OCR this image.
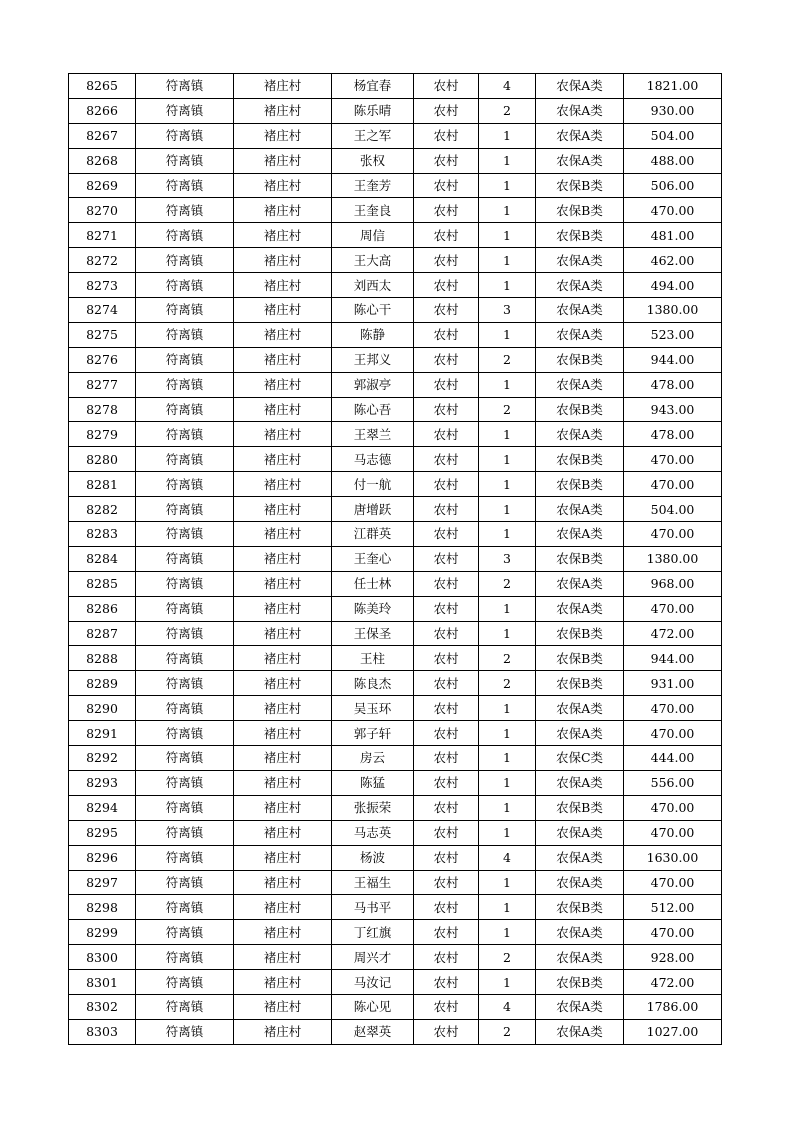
8265	符离镇	褚庄村	杨宜春	农村	4	农保A类	1821.00
8266	符离镇	褚庄村	陈乐晴	农村	2	农保A类	930.00
8267	符离镇	褚庄村	王之军	农村	1	农保A类	504.00
8268	符离镇	褚庄村	张权	农村	1	农保A类	488.00
8269	符离镇	褚庄村	王奎芳	农村	1	农保B类	506.00
8270	符离镇	褚庄村	王奎良	农村	1	农保B类	470.00
8271	符离镇	褚庄村	周信	农村	1	农保B类	481.00
8272	符离镇	褚庄村	王大高	农村	1	农保A类	462.00
8273	符离镇	褚庄村	刘西太	农村	1	农保A类	494.00
8274	符离镇	褚庄村	陈心干	农村	3	农保A类	1380.00
8275	符离镇	褚庄村	陈静	农村	1	农保A类	523.00
8276	符离镇	褚庄村	王邦义	农村	2	农保B类	944.00
8277	符离镇	褚庄村	郭淑亭	农村	1	农保A类	478.00
8278	符离镇	褚庄村	陈心吾	农村	2	农保B类	943.00
8279	符离镇	褚庄村	王翠兰	农村	1	农保A类	478.00
8280	符离镇	褚庄村	马志德	农村	1	农保B类	470.00
8281	符离镇	褚庄村	付一航	农村	1	农保B类	470.00
8282	符离镇	褚庄村	唐增跃	农村	1	农保A类	504.00
8283	符离镇	褚庄村	江群英	农村	1	农保A类	470.00
8284	符离镇	褚庄村	王奎心	农村	3	农保B类	1380.00
8285	符离镇	褚庄村	任士林	农村	2	农保A类	968.00
8286	符离镇	褚庄村	陈美玲	农村	1	农保A类	470.00
8287	符离镇	褚庄村	王保圣	农村	1	农保B类	472.00
8288	符离镇	褚庄村	王柱	农村	2	农保B类	944.00
8289	符离镇	褚庄村	陈良杰	农村	2	农保B类	931.00
8290	符离镇	褚庄村	吴玉环	农村	1	农保A类	470.00
8291	符离镇	褚庄村	郭子轩	农村	1	农保A类	470.00
8292	符离镇	褚庄村	房云	农村	1	农保C类	444.00
8293	符离镇	褚庄村	陈猛	农村	1	农保A类	556.00
8294	符离镇	褚庄村	张振荣	农村	1	农保B类	470.00
8295	符离镇	褚庄村	马志英	农村	1	农保A类	470.00
8296	符离镇	褚庄村	杨波	农村	4	农保A类	1630.00
8297	符离镇	褚庄村	王福生	农村	1	农保A类	470.00
8298	符离镇	褚庄村	马书平	农村	1	农保B类	512.00
8299	符离镇	褚庄村	丁红旗	农村	1	农保A类	470.00
8300	符离镇	褚庄村	周兴才	农村	2	农保A类	928.00
8301	符离镇	褚庄村	马汝记	农村	1	农保B类	472.00
8302	符离镇	褚庄村	陈心见	农村	4	农保A类	1786.00
8303	符离镇	褚庄村	赵翠英	农村	2	农保A类	1027.00
